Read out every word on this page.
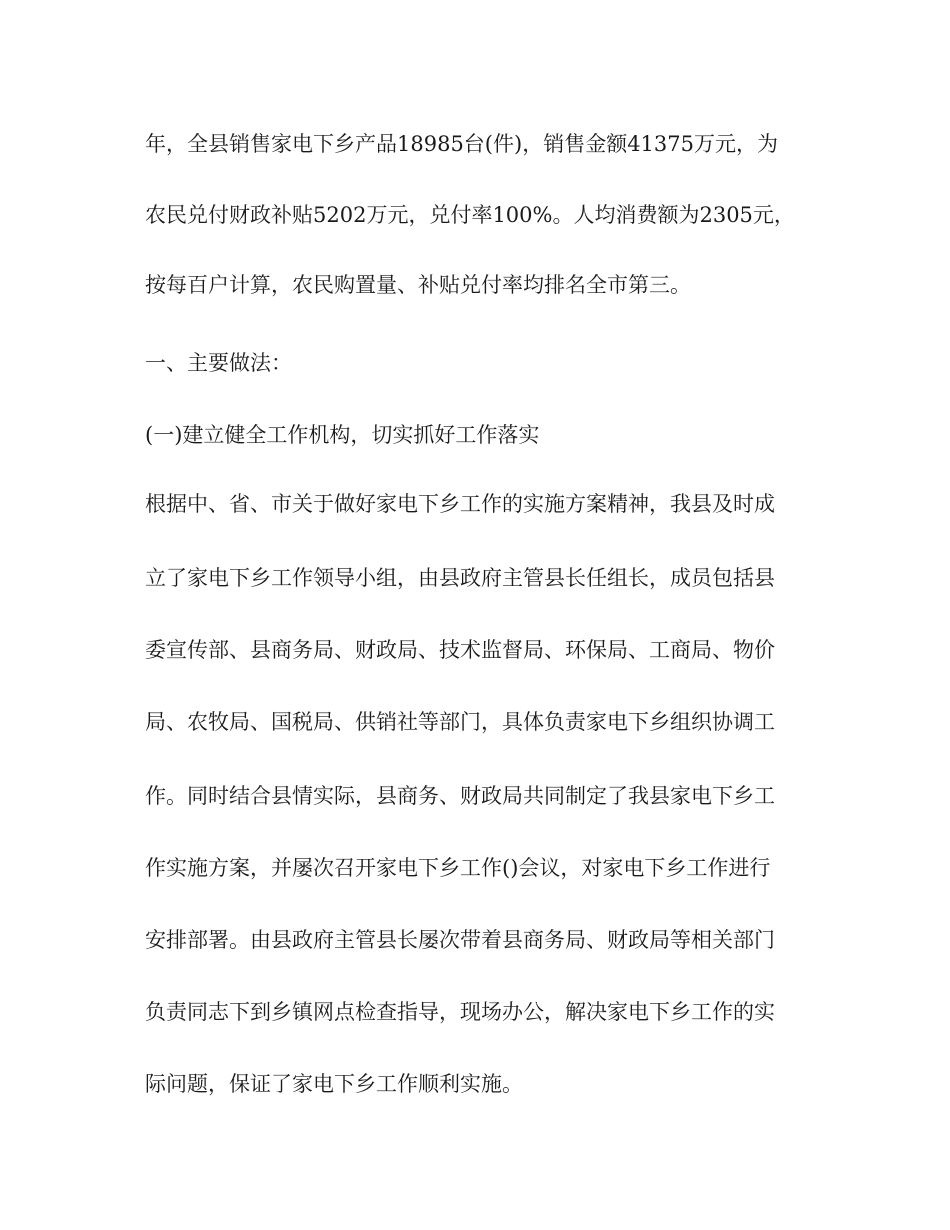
年，全县销售家电下乡产品18985台(件)，销售金额41375万元，为
农民兑付财政补贴5202万元，兑付率100%。人均消费额为2305元，
按每百户计算，农民购置量、补贴兑付率均排名全市第三。
一、主要做法：
(一)建立健全工作机构，切实抓好工作落实
根据中、省、市关于做好家电下乡工作的实施方案精神，我县及时成
立了家电下乡工作领导小组，由县政府主管县长任组长，成员包括县
委宣传部、县商务局、财政局、技术监督局、环保局、工商局、物价
局、农牧局、国税局、供销社等部门，具体负责家电下乡组织协调工
作。同时结合县情实际，县商务、财政局共同制定了我县家电下乡工
作实施方案，并屡次召开家电下乡工作()会议，对家电下乡工作进行
安排部署。由县政府主管县长屡次带着县商务局、财政局等相关部门
负责同志下到乡镇网点检查指导，现场办公，解决家电下乡工作的实
际问题，保证了家电下乡工作顺利实施。
